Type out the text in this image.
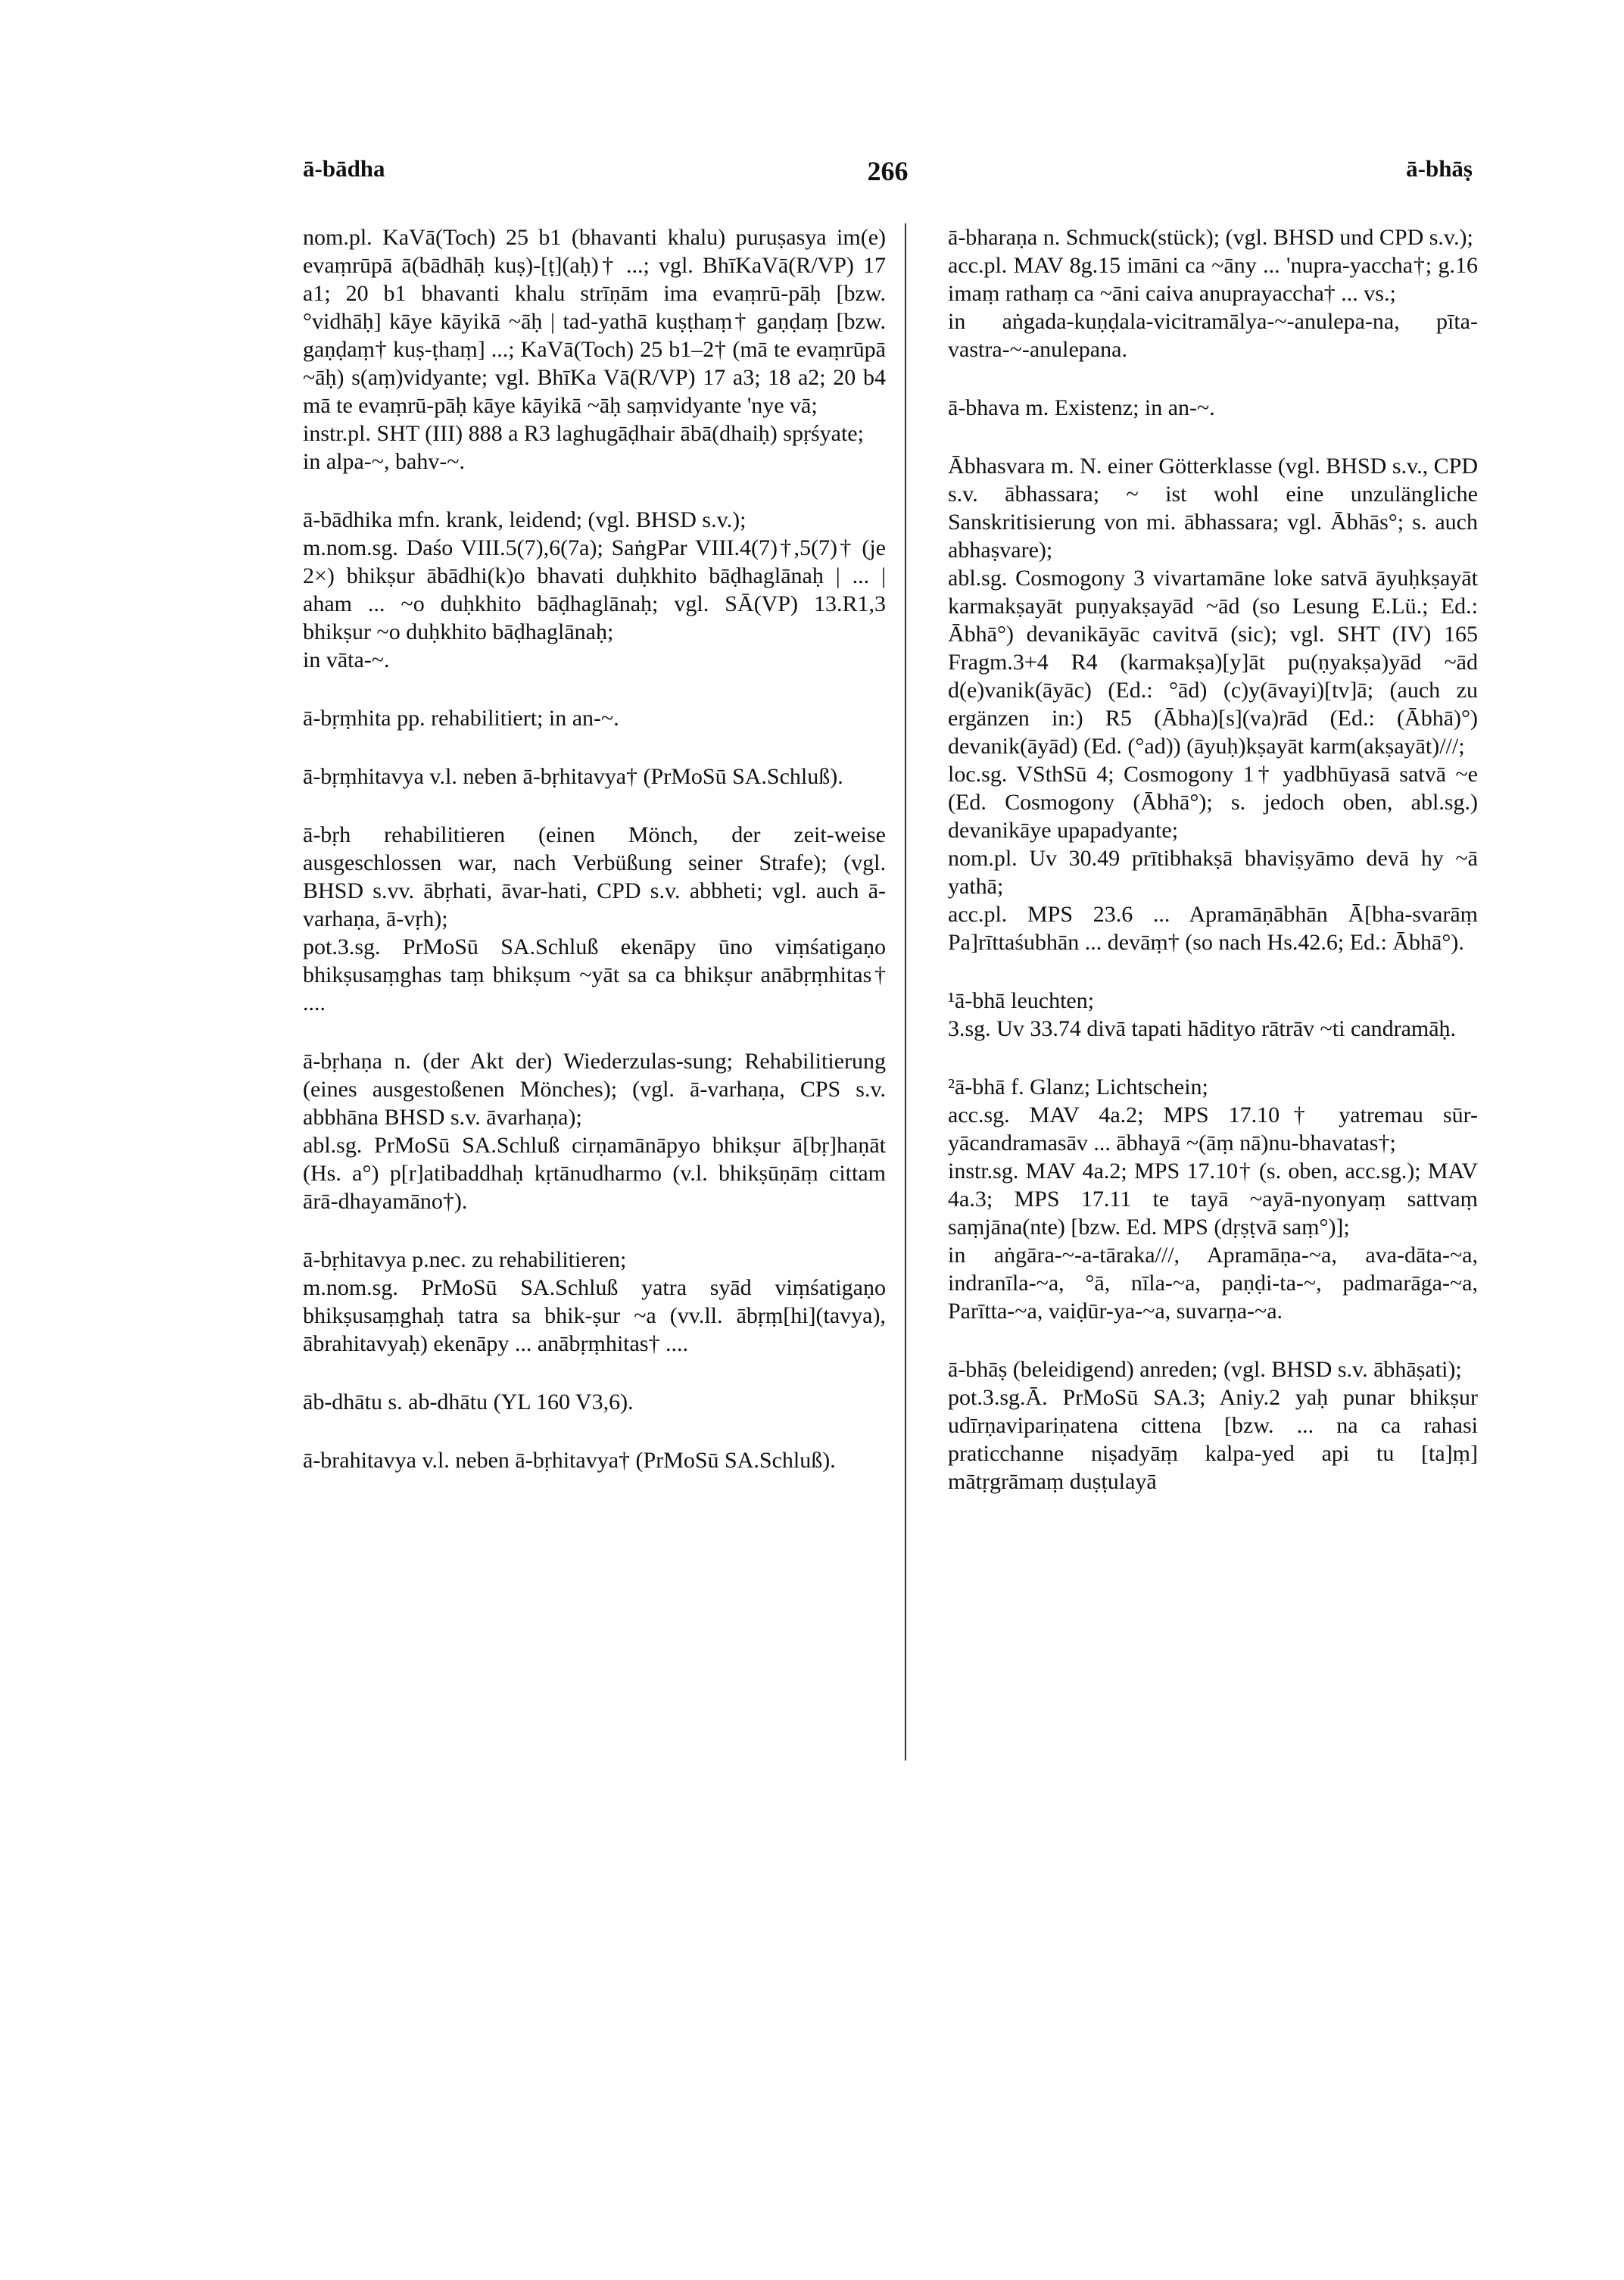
ā-bādha	266	ā-bhāṣ

nom.pl. KaVā(Toch) 25 b1 (bhavanti khalu) puruṣasya im(e) evaṃrūpā ā(bādhāḥ kuṣ)-[ṭ](aḥ)† ...; vgl. BhīKaVā(R/VP) 17 a1; 20 b1 bhavanti khalu strīṇām ima evaṃrū-pāḥ [bzw. °vidhāḥ] kāye kāyikā ~āḥ | tad-yathā kuṣṭhaṃ† gaṇḍaṃ [bzw. gaṇḍaṃ† kuṣ-ṭhaṃ] ...; KaVā(Toch) 25 b1–2† (mā te evaṃrūpā ~āḥ) s(aṃ)vidyante; vgl. BhīKa Vā(R/VP) 17 a3; 18 a2; 20 b4 mā te evaṃrū-pāḥ kāye kāyikā ~āḥ saṃvidyante 'nye vā;

instr.pl. SHT (III) 888 a R3 laghugāḍhair ābā(dhaiḥ) spṛśyate;

in alpa-~, bahv-~.

ā-bādhika mfn. krank, leidend; (vgl. BHSD s.v.);

m.nom.sg. Daśo VIII.5(7),6(7a); SaṅgPar VIII.4(7)†,5(7)† (je 2×) bhikṣur ābādhi(k)o bhavati duḥkhito bāḍhaglānaḥ | ... | aham ... ~o duḥkhito bāḍhaglānaḥ; vgl. SĀ(VP) 13.R1,3 bhikṣur ~o duḥkhito bāḍhaglānaḥ;

in vāta-~.

ā-bṛṃhita pp. rehabilitiert; in an-~.

ā-bṛṃhitavya v.l. neben ā-bṛhitavya† (PrMoSū SA.Schluß).

ā-bṛh rehabilitieren (einen Mönch, der zeit-weise ausgeschlossen war, nach Verbüßung seiner Strafe); (vgl. BHSD s.vv. ābṛhati, āvar-hati, CPD s.v. abbheti; vgl. auch ā-varhaṇa, ā-vṛh);

pot.3.sg. PrMoSū SA.Schluß ekenāpy ūno viṃśatigaṇo bhikṣusaṃghas taṃ bhikṣum ~yāt sa ca bhikṣur anābṛṃhitas† ....

ā-bṛhaṇa n. (der Akt der) Wiederzulas-sung; Rehabilitierung (eines ausgestoßenen Mönches); (vgl. ā-varhaṇa, CPS s.v. abbhāna BHSD s.v. āvarhaṇa);

abl.sg. PrMoSū SA.Schluß cirṇamānāpyo bhikṣur ā[bṛ]haṇāt (Hs. a°) p[r]atibaddhaḥ kṛtānudharmo (v.l. bhikṣūṇāṃ cittam ārā-dhayamāno†).

ā-bṛhitavya p.nec. zu rehabilitieren;

m.nom.sg. PrMoSū SA.Schluß yatra syād viṃśatigaṇo bhikṣusaṃghaḥ tatra sa bhik-ṣur ~a (vv.ll. ābṛṃ[hi](tavya), ābrahitavyaḥ) ekenāpy ... anābṛṃhitas† ....

āb-dhātu s. ab-dhātu (YL 160 V3,6).

ā-brahitavya v.l. neben ā-bṛhitavya† (PrMoSū SA.Schluß).

ā-bharaṇa n. Schmuck(stück); (vgl. BHSD und CPD s.v.);

acc.pl. MAV 8g.15 imāni ca ~āny ... 'nupra-yaccha†; g.16 imaṃ rathaṃ ca ~āni caiva anuprayaccha† ... vs.;

in aṅgada-kuṇḍala-vicitramālya-~-anulepa-na, pīta-vastra-~-anulepana.

ā-bhava m. Existenz; in an-~.

Ābhasvara m. N. einer Götterklasse (vgl. BHSD s.v., CPD s.v. ābhassara; ~ ist wohl eine unzulängliche Sanskritisierung von mi. ābhassara; vgl. Ābhās°; s. auch abhaṣvare);

abl.sg. Cosmogony 3 vivartamāne loke satvā āyuḥkṣayāt karmakṣayāt puṇyakṣayād ~ād (so Lesung E.Lü.; Ed.: Ābhā°) devanikāyāc cavitvā (sic); vgl. SHT (IV) 165 Fragm.3+4 R4 (karmakṣa)[y]āt pu(ṇyakṣa)yād ~ād d(e)vanik(āyāc) (Ed.: °ād) (c)y(āvayi)[tv]ā; (auch zu ergänzen in:) R5 (Ābha)[s](va)rād (Ed.: (Ābhā)°) devanik(āyād) (Ed. (°ad)) (āyuḥ)kṣayāt karm(akṣayāt)///;

loc.sg. VSthSū 4; Cosmogony 1† yadbhūyasā satvā ~e (Ed. Cosmogony (Ābhā°); s. jedoch oben, abl.sg.) devanikāye upapadyante;

nom.pl. Uv 30.49 prītibhakṣā bhaviṣyāmo devā hy ~ā yathā;

acc.pl. MPS 23.6 ... Apramāṇābhān Ā[bha-svarāṃ Pa]rīttaśubhān ... devāṃ† (so nach Hs.42.6; Ed.: Ābhā°).

¹ā-bhā leuchten;

3.sg. Uv 33.74 divā tapati hādityo rātrāv ~ti candramāḥ.

²ā-bhā f. Glanz; Lichtschein;

acc.sg. MAV 4a.2; MPS 17.10† yatremau sūr-yācandramasāv ... ābhayā ~(āṃ nā)nu-bhavatas†;

instr.sg. MAV 4a.2; MPS 17.10† (s. oben, acc.sg.); MAV 4a.3; MPS 17.11 te tayā ~ayā-nyonyaṃ sattvaṃ saṃjāna(nte) [bzw. Ed. MPS (dṛṣṭvā saṃ°)];

in aṅgāra-~-a-tāraka///, Apramāṇa-~a, ava-dāta-~a, indranīla-~a, °ā, nīla-~a, paṇḍi-ta-~, padmarāga-~a, Parītta-~a, vaiḍūr-ya-~a, suvarṇa-~a.

ā-bhāṣ (beleidigend) anreden; (vgl. BHSD s.v. ābhāṣati);

pot.3.sg.Ā. PrMoSū SA.3; Aniy.2 yaḥ punar bhikṣur udīrṇavipariṇatena cittena [bzw. ... na ca rahasi praticchanne niṣadyāṃ kalpa-yed api tu [ta]ṃ] mātṛgrāmaṃ duṣṭulayā
